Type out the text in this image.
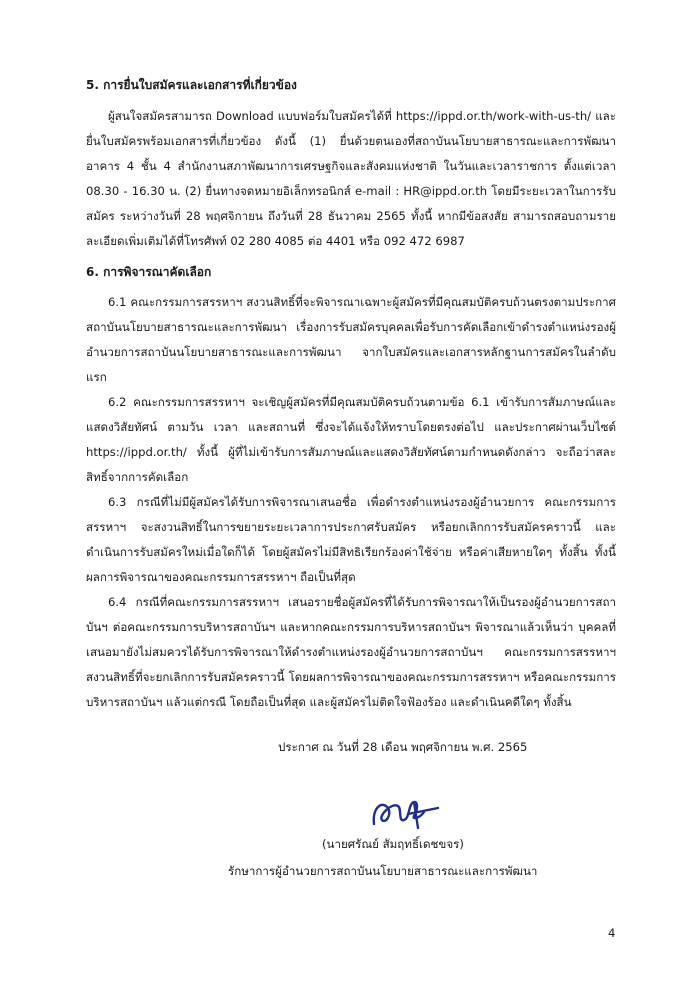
5. การยื่นใบสมัครและเอกสารที่เกี่ยวข้อง

ผู้สนใจสมัครสามารถ Download แบบฟอร์มใบสมัครได้ที่ https://ippd.or.th/work-with-us-th/ และยื่นใบสมัครพร้อมเอกสารที่เกี่ยวข้อง ดังนี้ (1) ยื่นด้วยตนเองที่สถาบันนโยบายสาธารณะและการพัฒนา อาคาร 4 ชั้น 4 สำนักงานสภาพัฒนาการเศรษฐกิจและสังคมแห่งชาติ ในวันและเวลาราชการ ตั้งแต่เวลา 08.30 - 16.30 น. (2) ยื่นทางจดหมายอิเล็กทรอนิกส์ e-mail : HR@ippd.or.th โดยมีระยะเวลาในการรับสมัคร ระหว่างวันที่ 28 พฤศจิกายน ถึงวันที่ 28 ธันวาคม 2565 ทั้งนี้ หากมีข้อสงสัย สามารถสอบถามรายละเอียดเพิ่มเติมได้ที่โทรศัพท์ 02 280 4085 ต่อ 4401 หรือ 092 472 6987

6. การพิจารณาคัดเลือก

6.1 คณะกรรมการสรรหาฯ สงวนสิทธิ์ที่จะพิจารณาเฉพาะผู้สมัครที่มีคุณสมบัติครบถ้วนตรงตามประกาศสถาบันนโยบายสาธารณะและการพัฒนา เรื่องการรับสมัครบุคคลเพื่อรับการคัดเลือกเข้าดำรงตำแหน่งรองผู้อำนวยการสถาบันนโยบายสาธารณะและการพัฒนา จากใบสมัครและเอกสารหลักฐานการสมัครในลำดับแรก

6.2 คณะกรรมการสรรหาฯ จะเชิญผู้สมัครที่มีคุณสมบัติครบถ้วนตามข้อ 6.1 เข้ารับการสัมภาษณ์และแสดงวิสัยทัศน์ ตามวัน เวลา และสถานที่ ซึ่งจะได้แจ้งให้ทราบโดยตรงต่อไป และประกาศผ่านเว็บไซต์ https://ippd.or.th/ ทั้งนี้ ผู้ที่ไม่เข้ารับการสัมภาษณ์และแสดงวิสัยทัศน์ตามกำหนดดังกล่าว จะถือว่าสละสิทธิ์จากการคัดเลือก

6.3 กรณีที่ไม่มีผู้สมัครได้รับการพิจารณาเสนอชื่อ เพื่อดำรงตำแหน่งรองผู้อำนวยการ คณะกรรมการสรรหาฯ จะสงวนสิทธิ์ในการขยายระยะเวลาการประกาศรับสมัคร หรือยกเลิกการรับสมัครคราวนี้ และดำเนินการรับสมัครใหม่เมื่อใดก็ได้ โดยผู้สมัครไม่มีสิทธิเรียกร้องค่าใช้จ่าย หรือค่าเสียหายใดๆ ทั้งสิ้น ทั้งนี้ ผลการพิจารณาของคณะกรรมการสรรหาฯ ถือเป็นที่สุด

6.4 กรณีที่คณะกรรมการสรรหาฯ เสนอรายชื่อผู้สมัครที่ได้รับการพิจารณาให้เป็นรองผู้อำนวยการสถาบันฯ ต่อคณะกรรมการบริหารสถาบันฯ และหากคณะกรรมการบริหารสถาบันฯ พิจารณาแล้วเห็นว่า บุคคลที่เสนอมายังไม่สมควรได้รับการพิจารณาให้ดำรงตำแหน่งรองผู้อำนวยการสถาบันฯ คณะกรรมการสรรหาฯ สงวนสิทธิ์ที่จะยกเลิกการรับสมัครคราวนี้ โดยผลการพิจารณาของคณะกรรมการสรรหาฯ หรือคณะกรรมการบริหารสถาบันฯ แล้วแต่กรณี โดยถือเป็นที่สุด และผู้สมัครไม่ติดใจฟ้องร้อง และดำเนินคดีใดๆ ทั้งสิ้น

ประกาศ ณ วันที่ 28 เดือน พฤศจิกายน พ.ศ. 2565
(นายศรัณย์ สัมฤทธิ์เดชขจร)
รักษาการผู้อำนวยการสถาบันนโยบายสาธารณะและการพัฒนา
4
